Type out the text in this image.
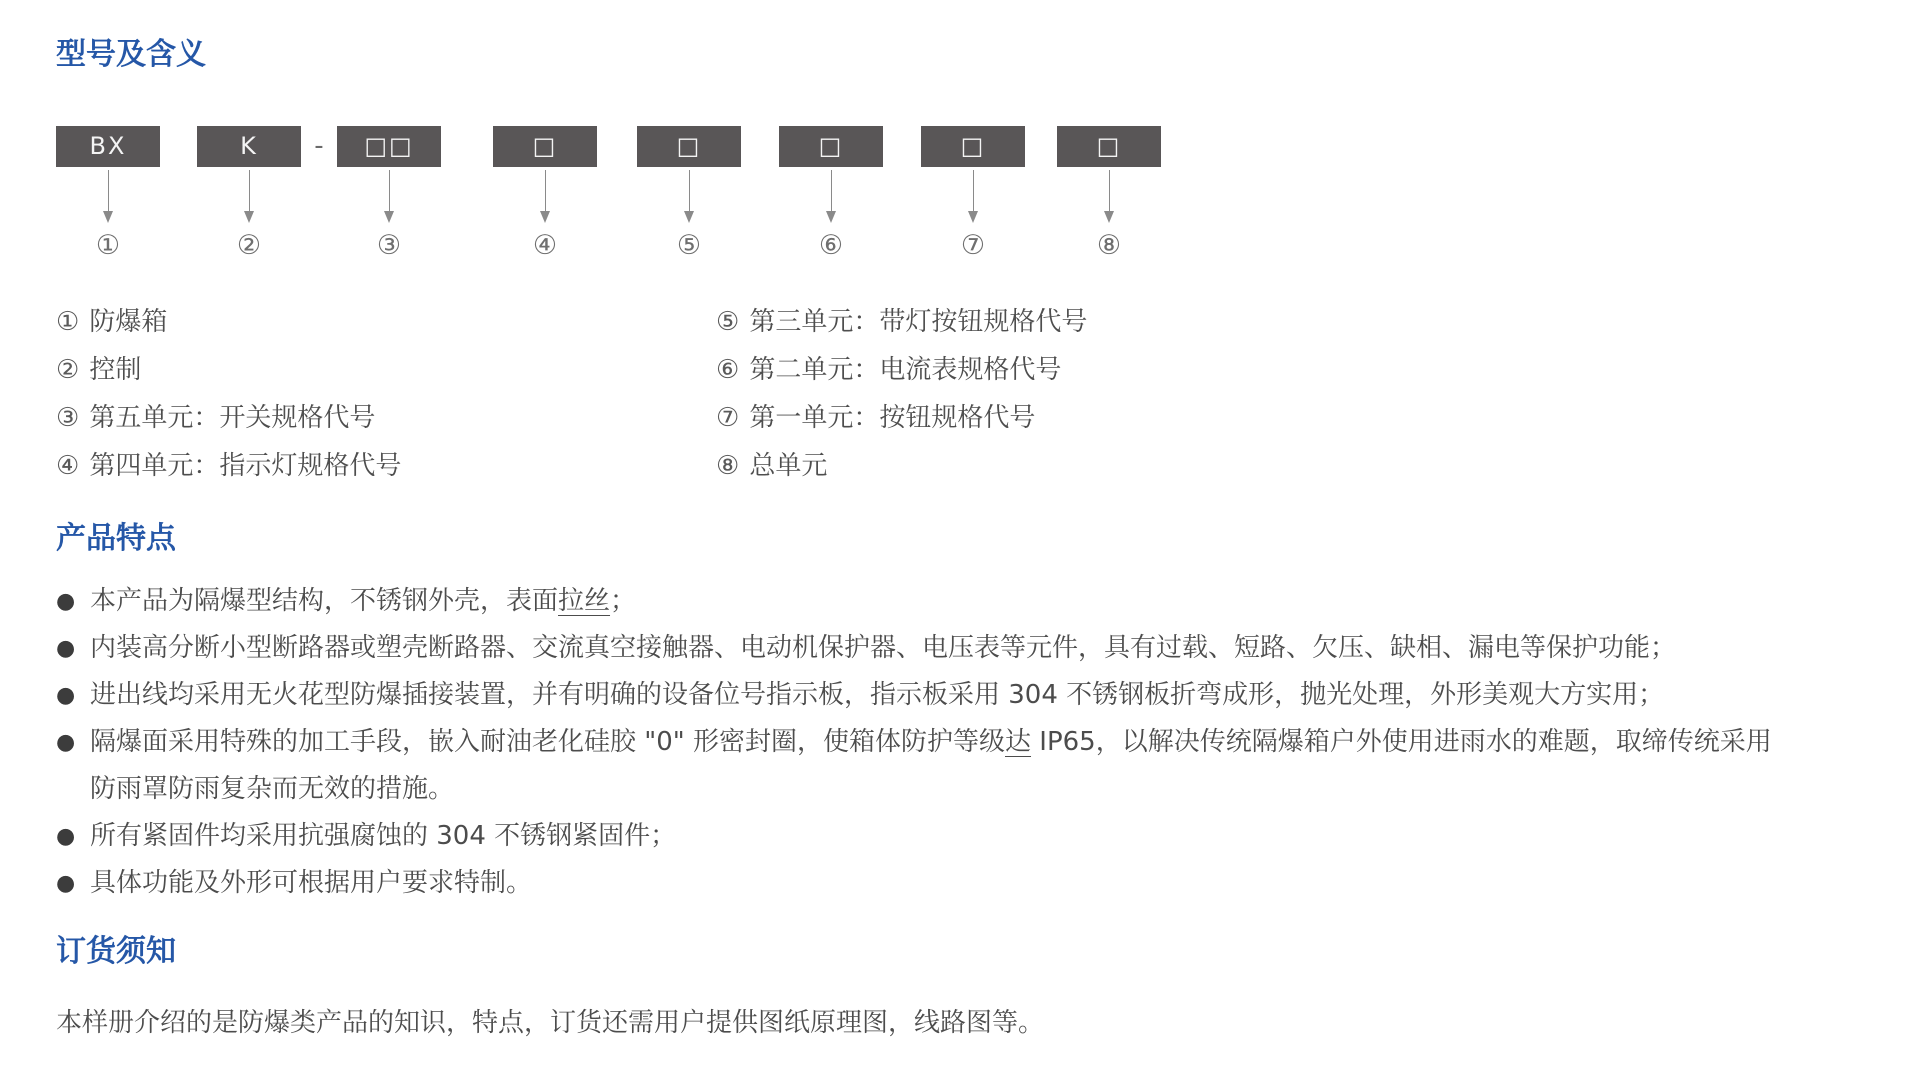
型号及含义
BX
①
K
②
-	□□
③
□
④
□
⑤
□
⑥
□
⑦
□
⑧
① 防爆箱
② 控制
③ 第五单元：开关规格代号
④ 第四单元：指示灯规格代号
⑤ 第三单元：带灯按钮规格代号
⑥ 第二单元：电流表规格代号
⑦ 第一单元：按钮规格代号
⑧ 总单元
产品特点
● 本产品为隔爆型结构，不锈钢外壳，表面拉丝；
● 内装高分断小型断路器或塑壳断路器、交流真空接触器、电动机保护器、电压表等元件，具有过载、短路、欠压、缺相、漏电等保护功能；
● 进出线均采用无火花型防爆插接装置，并有明确的设备位号指示板，指示板采用 304 不锈钢板折弯成形，抛光处理，外形美观大方实用；
● 隔爆面采用特殊的加工手段，嵌入耐油老化硅胶 "0" 形密封圈，使箱体防护等级达 IP65，以解决传统隔爆箱户外使用进雨水的难题，取缔传统采用防雨罩防雨复杂而无效的措施。
● 所有紧固件均采用抗强腐蚀的 304 不锈钢紧固件；
● 具体功能及外形可根据用户要求特制。
订货须知

本样册介绍的是防爆类产品的知识，特点，订货还需用户提供图纸原理图，线路图等。
